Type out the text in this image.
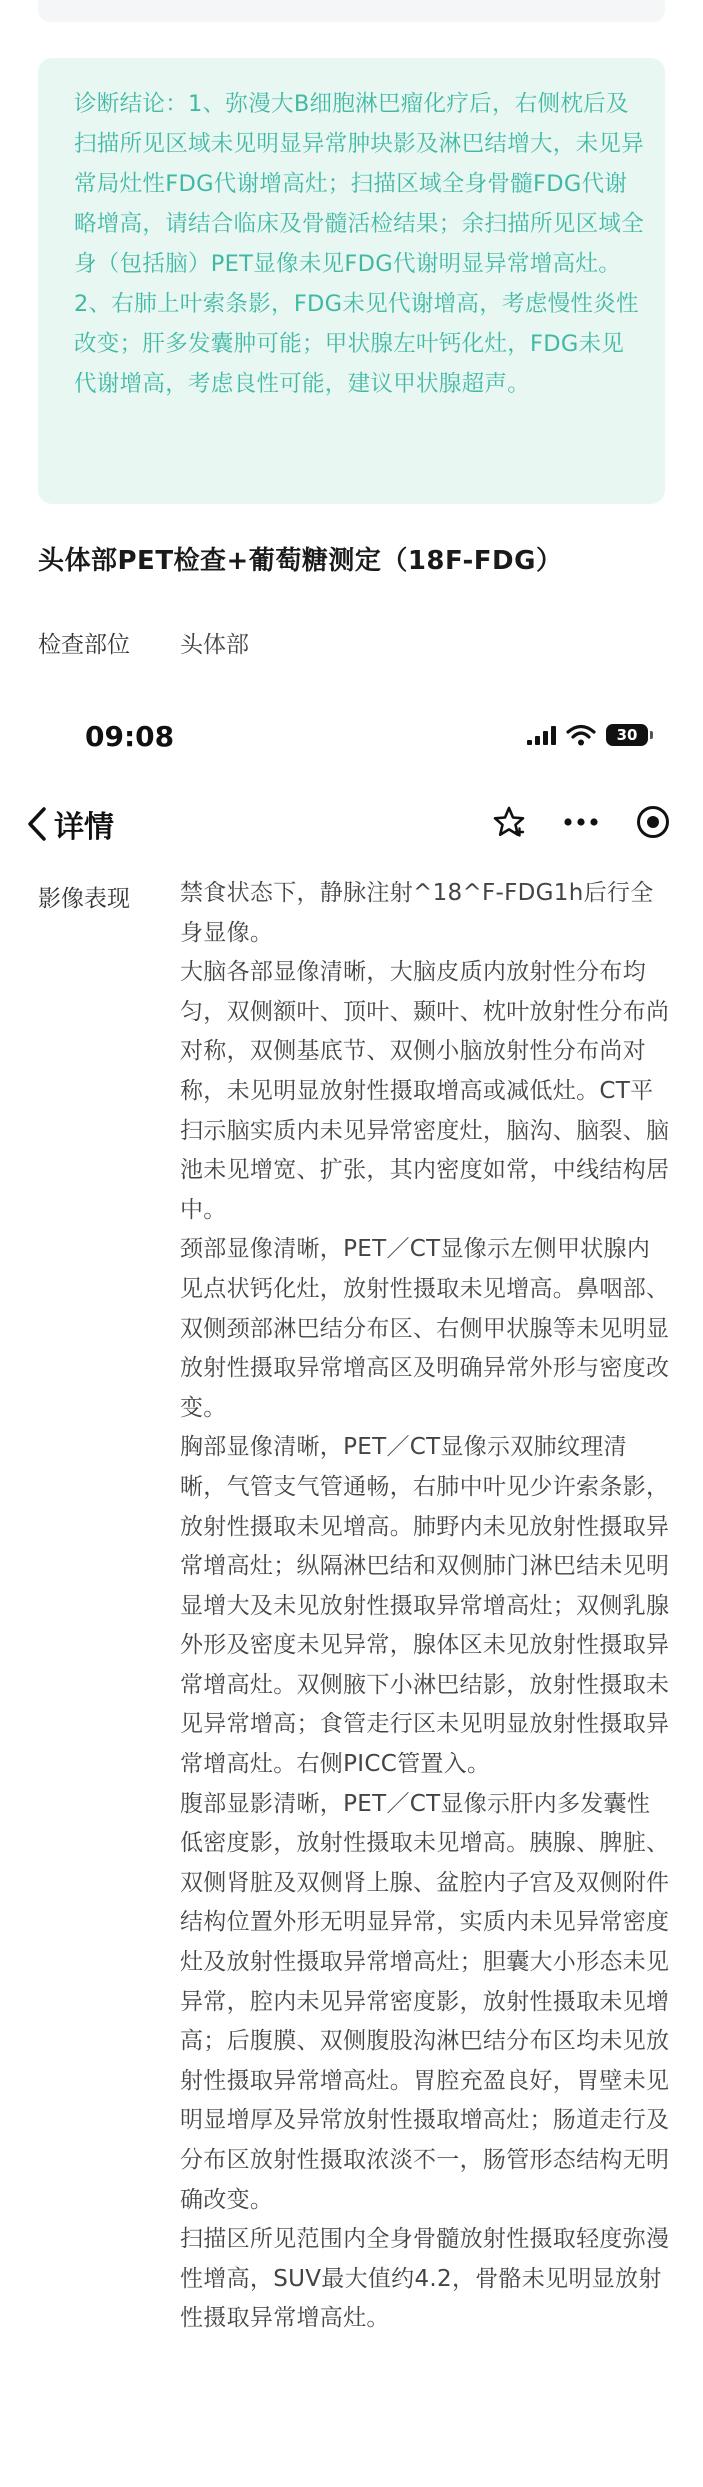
诊断结论：1、弥漫大B细胞淋巴瘤化疗后，右侧枕后及扫描所见区域未见明显异常肿块影及淋巴结增大，未见异常局灶性FDG代谢增高灶；扫描区域全身骨髓FDG代谢略增高，请结合临床及骨髓活检结果；余扫描所见区域全身（包括脑）PET显像未见FDG代谢明显异常增高灶。

2、右肺上叶索条影，FDG未见代谢增高，考虑慢性炎性改变；肝多发囊肿可能；甲状腺左叶钙化灶，FDG未见代谢增高，考虑良性可能，建议甲状腺超声。

头体部PET检查+葡萄糖测定（18F-FDG）
检查部位 头体部
09:08	30
详情
影像表现 禁食状态下，静脉注射^18^F-FDG1h后行全身显像。

大脑各部显像清晰，大脑皮质内放射性分布均匀，双侧额叶、顶叶、颞叶、枕叶放射性分布尚对称，双侧基底节、双侧小脑放射性分布尚对称，未见明显放射性摄取增高或减低灶。CT平扫示脑实质内未见异常密度灶，脑沟、脑裂、脑池未见增宽、扩张，其内密度如常，中线结构居中。

颈部显像清晰，PET／CT显像示左侧甲状腺内见点状钙化灶，放射性摄取未见增高。鼻咽部、双侧颈部淋巴结分布区、右侧甲状腺等未见明显放射性摄取异常增高区及明确异常外形与密度改变。

胸部显像清晰，PET／CT显像示双肺纹理清晰，气管支气管通畅，右肺中叶见少许索条影，放射性摄取未见增高。肺野内未见放射性摄取异常增高灶；纵隔淋巴结和双侧肺门淋巴结未见明显增大及未见放射性摄取异常增高灶；双侧乳腺外形及密度未见异常，腺体区未见放射性摄取异常增高灶。双侧腋下小淋巴结影，放射性摄取未见异常增高；食管走行区未见明显放射性摄取异常增高灶。右侧PICC管置入。

腹部显影清晰，PET／CT显像示肝内多发囊性低密度影，放射性摄取未见增高。胰腺、脾脏、双侧肾脏及双侧肾上腺、盆腔内子宫及双侧附件结构位置外形无明显异常，实质内未见异常密度灶及放射性摄取异常增高灶；胆囊大小形态未见异常，腔内未见异常密度影，放射性摄取未见增高；后腹膜、双侧腹股沟淋巴结分布区均未见放射性摄取异常增高灶。胃腔充盈良好，胃壁未见明显增厚及异常放射性摄取增高灶；肠道走行及分布区放射性摄取浓淡不一，肠管形态结构无明确改变。

扫描区所见范围内全身骨髓放射性摄取轻度弥漫性增高，SUV最大值约4.2，骨骼未见明显放射性摄取异常增高灶。
